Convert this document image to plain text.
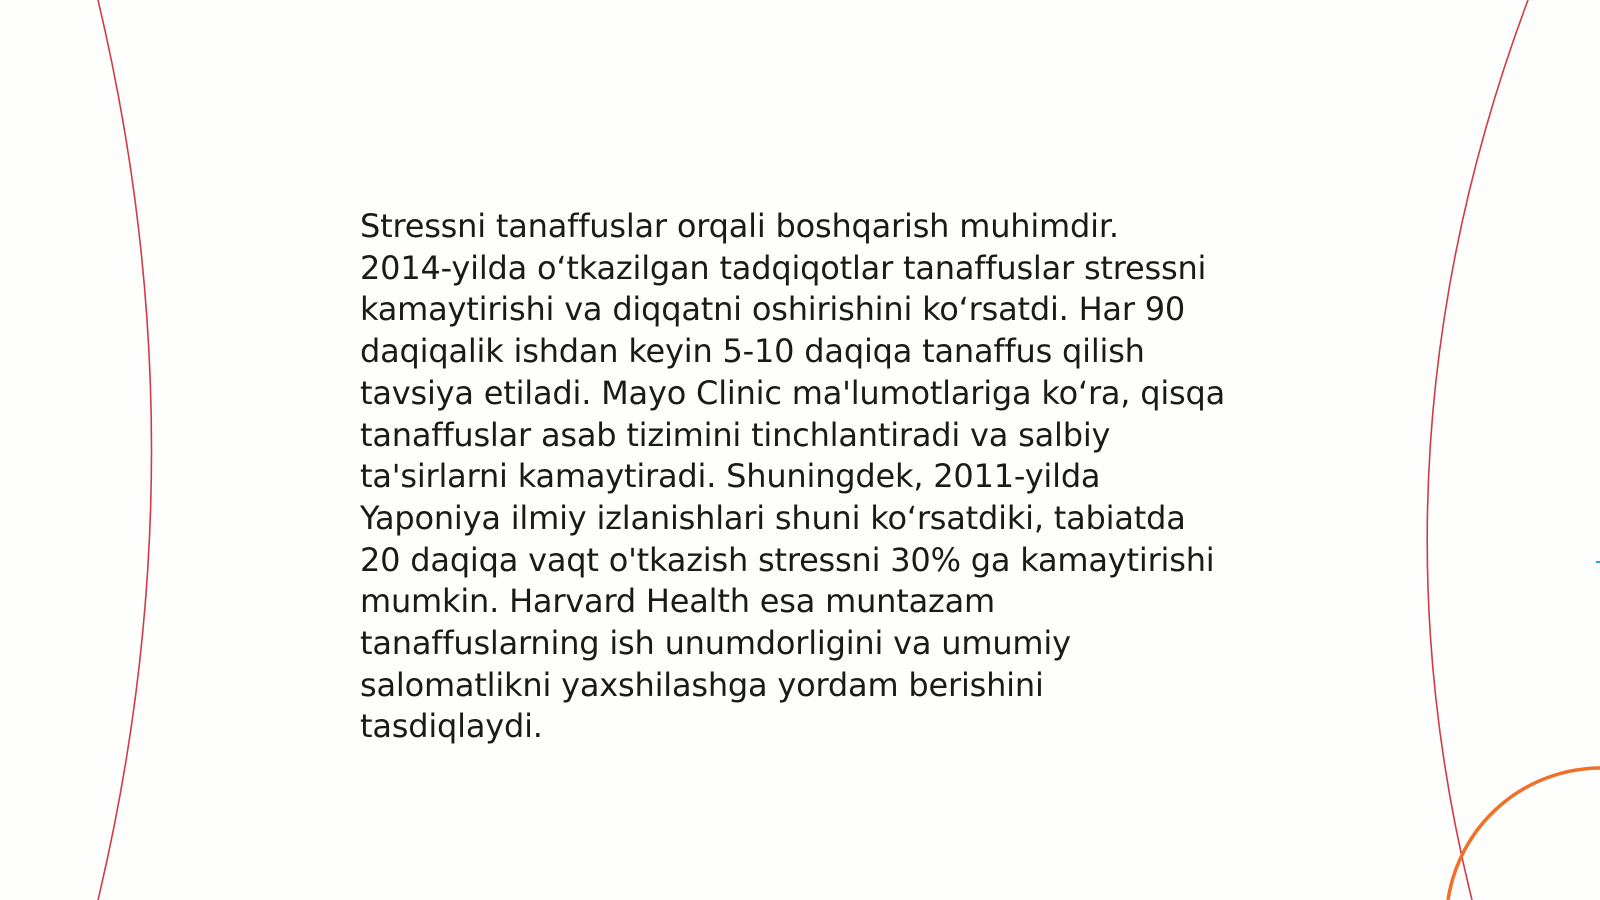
Stressni tanaffuslar orqali boshqarish muhimdir.
2014-yilda oʻtkazilgan tadqiqotlar tanaffuslar stressni
kamaytirishi va diqqatni oshirishini koʻrsatdi. Har 90
daqiqalik ishdan keyin 5-10 daqiqa tanaffus qilish
tavsiya etiladi. Mayo Clinic ma'lumotlariga koʻra, qisqa
tanaffuslar asab tizimini tinchlantiradi va salbiy
ta'sirlarni kamaytiradi. Shuningdek, 2011-yilda
Yaponiya ilmiy izlanishlari shuni koʻrsatdiki, tabiatda
20 daqiqa vaqt o'tkazish stressni 30% ga kamaytirishi
mumkin. Harvard Health esa muntazam
tanaffuslarning ish unumdorligini va umumiy
salomatlikni yaxshilashga yordam berishini
tasdiqlaydi.
